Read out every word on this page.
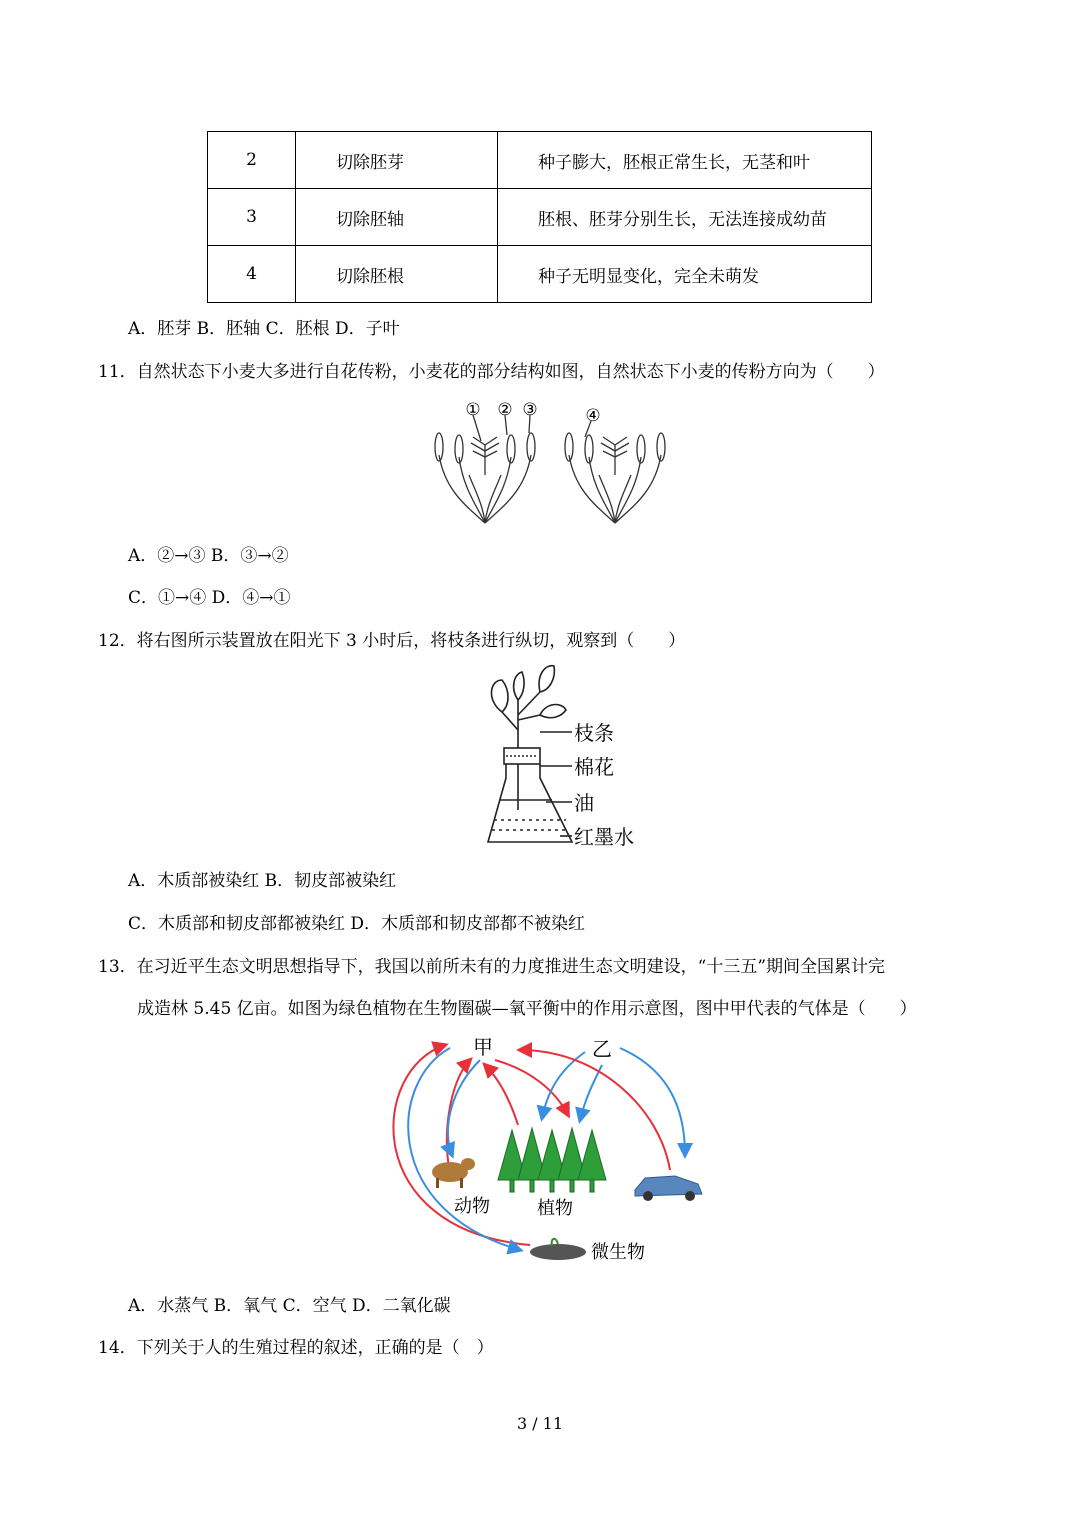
2	切除胚芽	种子膨大，胚根正常生长，无茎和叶
3	切除胚轴	胚根、胚芽分别生长，无法连接成幼苗
4	切除胚根	种子无明显变化，完全未萌发
A．胚芽 B．胚轴 C．胚根 D．子叶
11．自然状态下小麦大多进行自花传粉，小麦花的部分结构如图，自然状态下小麦的传粉方向为（　　）
① ② ③	④
A．②→③ B．③→②
C．①→④ D．④→①
12．将右图所示装置放在阳光下 3 小时后，将枝条进行纵切，观察到（　　）
枝条
棉花
油
红墨水
A．木质部被染红 B．韧皮部被染红
C．木质部和韧皮部都被染红 D．木质部和韧皮部都不被染红
13．在习近平生态文明思想指导下，我国以前所未有的力度推进生态文明建设，“十三五”期间全国累计完
成造林 5.45 亿亩。如图为绿色植物在生物圈碳—氧平衡中的作用示意图，图中甲代表的气体是（　　）
甲	乙
动物	植物
微生物
A．水蒸气 B．氧气 C．空气 D．二氧化碳
14．下列关于人的生殖过程的叙述，正确的是（　）
3 / 11
